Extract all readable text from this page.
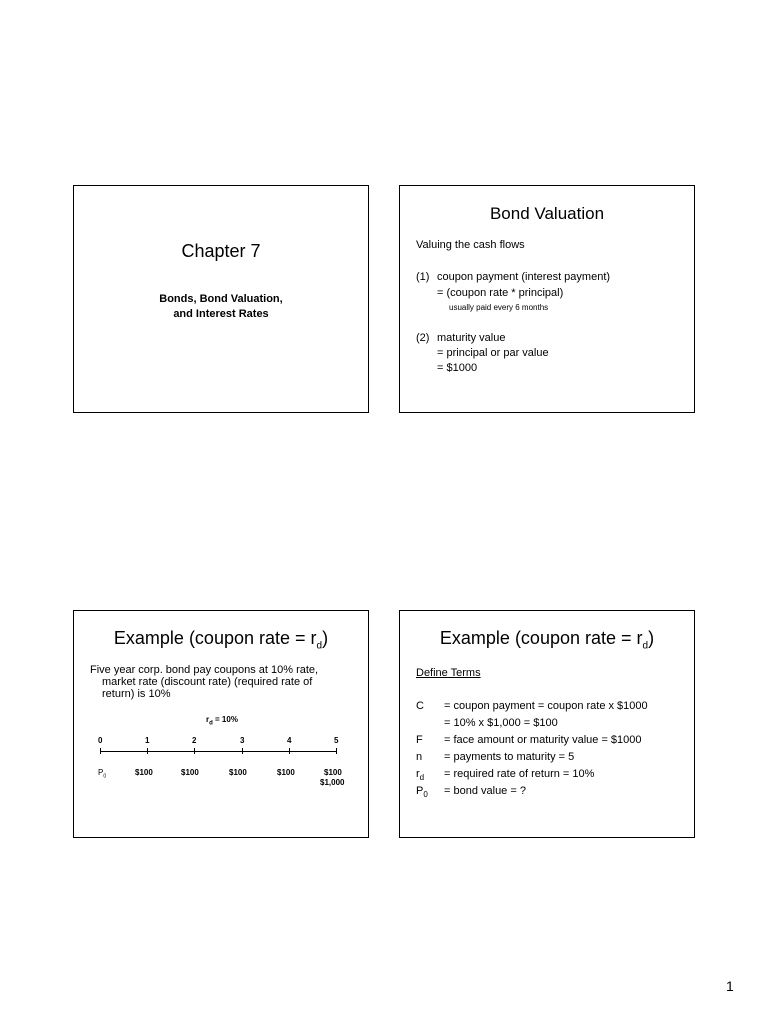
Chapter 7
Bonds, Bond Valuation,
and Interest Rates
Bond Valuation
Valuing the cash flows
(1) coupon payment (interest payment)
= (coupon rate * principal)
usually paid every 6 months
(2) maturity value
= principal or par value
= $1000
Example (coupon rate = $r_d$)
Five year corp. bond pay coupons at 10% rate,
market rate (discount rate) (required rate of
return) is 10%
$r_d = 10\%$
0	1	2	3	4	5
$P_0$	$100	$100	$100	$100	$100
$1,000
Example (coupon rate = $r_d$)
Define Terms
C = coupon payment = coupon rate x $1000
= 10% x $1,000 = $100
F = face amount or maturity value = $1000
n = payments to maturity = 5
$r_d$ = required rate of return = 10%
$P_0$ = bond value = ?
1
